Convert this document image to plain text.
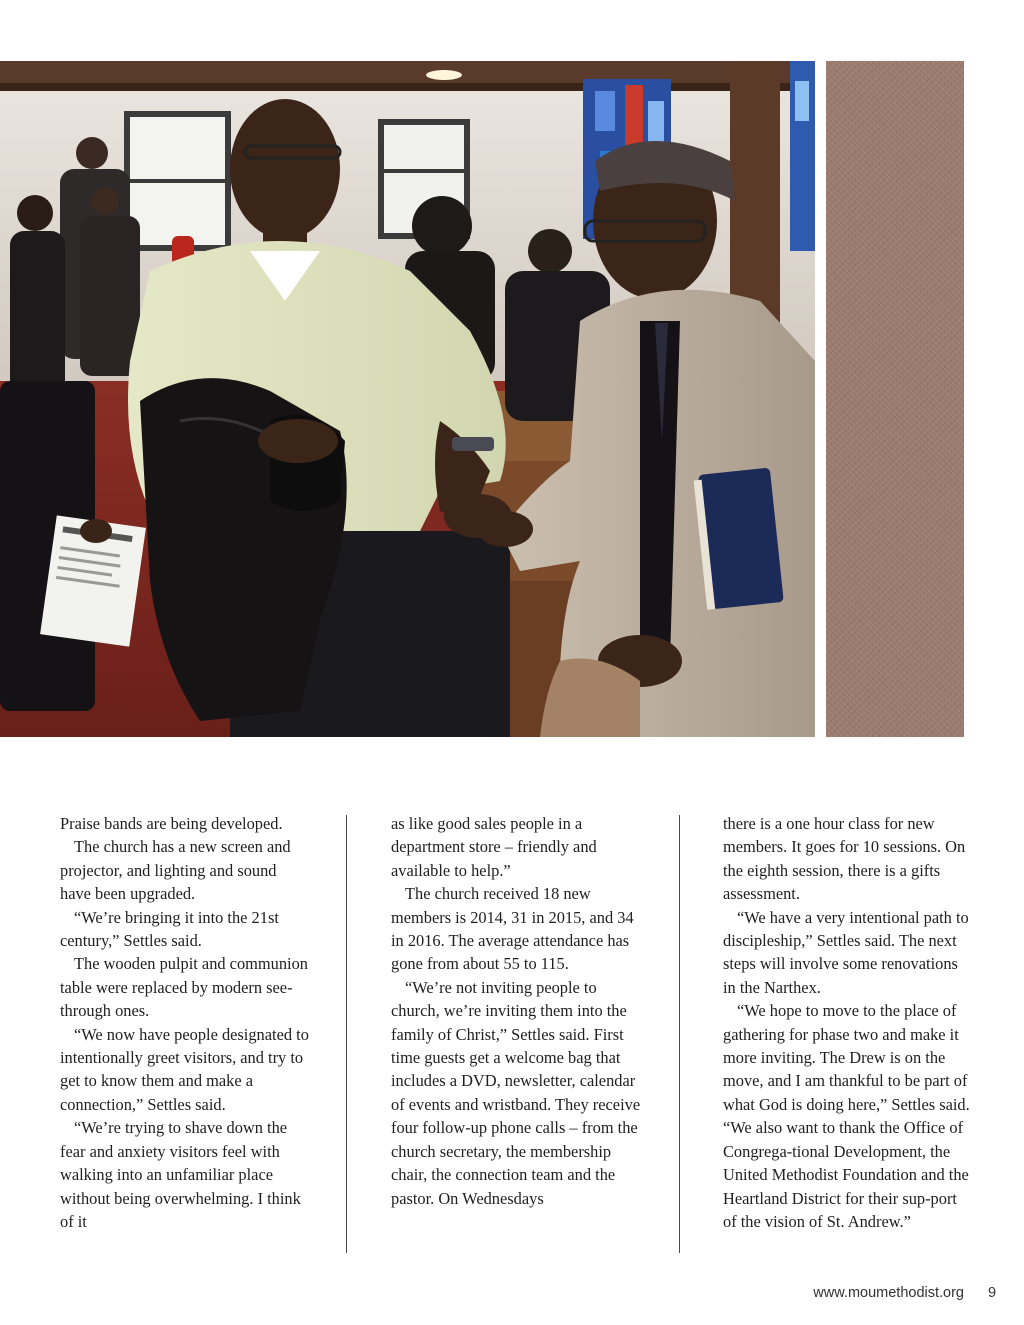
Praise bands are being developed.

The church has a new screen and projector, and lighting and sound have been upgraded.

“We’re bringing it into the 21st century,” Settles said.

The wooden pulpit and communion table were replaced by modern see-through ones.

“We now have people designated to intentionally greet visitors, and try to get to know them and make a connection,” Settles said.

“We’re trying to shave down the fear and anxiety visitors feel with walking into an unfamiliar place without being overwhelming. I think of it

as like good sales people in a department store – friendly and available to help.”

The church received 18 new members is 2014, 31 in 2015, and 34 in 2016. The average attendance has gone from about 55 to 115.

“We’re not inviting people to church, we’re inviting them into the family of Christ,” Settles said. First time guests get a welcome bag that includes a DVD, newsletter, calendar of events and wristband. They receive four follow-up phone calls – from the church secretary, the membership chair, the connection team and the pastor. On Wednesdays

there is a one hour class for new members. It goes for 10 sessions. On the eighth session, there is a gifts assessment.

“We have a very intentional path to discipleship,” Settles said. The next steps will involve some renovations in the Narthex.

“We hope to move to the place of gathering for phase two and make it more inviting. The Drew is on the move, and I am thankful to be part of what God is doing here,” Settles said. “We also want to thank the Office of Congrega-tional Development, the United Methodist Foundation and the Heartland District for their sup-port of the vision of St. Andrew.”

www.moumethodist.org 9
